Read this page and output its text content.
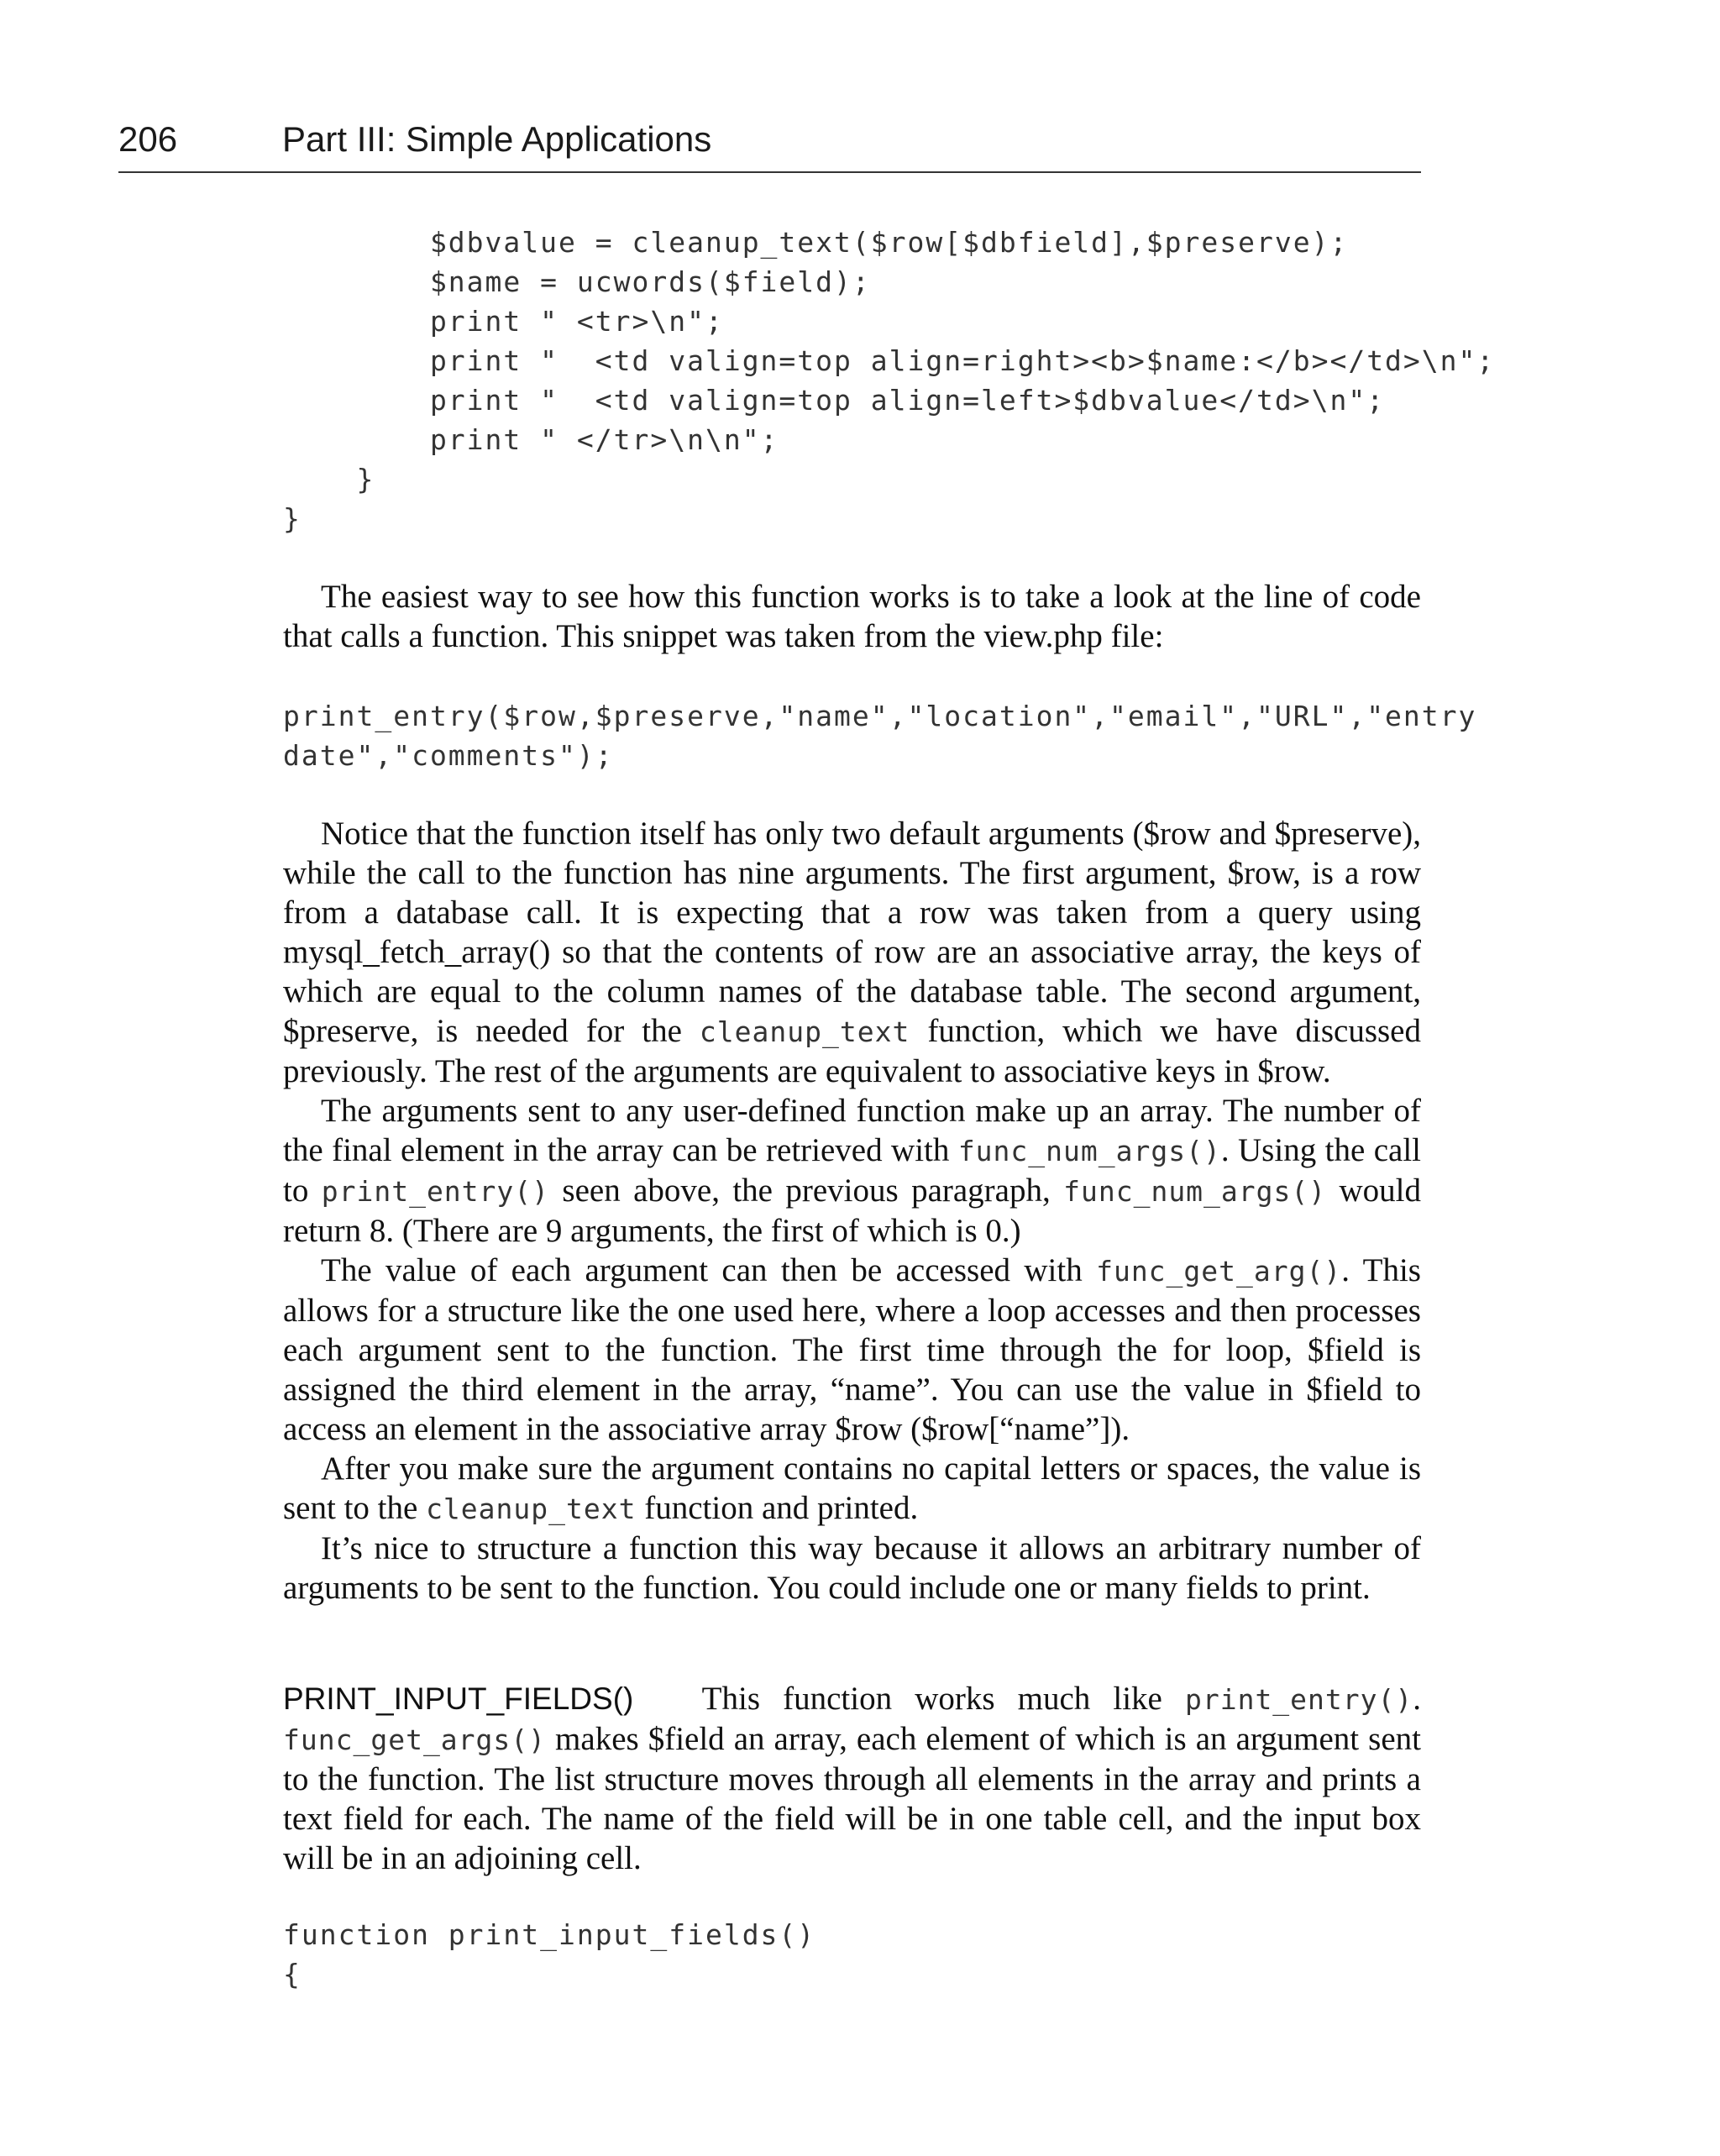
206	Part III: Simple Applications
$dbvalue = cleanup_text($row[$dbfield],$preserve);
$name = ucwords($field);
print " <tr>\n";
print "  <td valign=top align=right><b>$name:</b></td>\n";
print "  <td valign=top align=left>$dbvalue</td>\n";
print " </tr>\n\n";
}
}

The easiest way to see how this function works is to take a look at the line of code that calls a function. This snippet was taken from the view.php file:

print_entry($row,$preserve,"name","location","email","URL","entry
date","comments");

Notice that the function itself has only two default arguments ($row and $preserve), while the call to the function has nine arguments. The first argument, $row, is a row from a database call. It is expecting that a row was taken from a query using mysql_fetch_array() so that the contents of row are an associative array, the keys of which are equal to the column names of the database table. The second argument, $preserve, is needed for the cleanup_text function, which we have discussed previously. The rest of the arguments are equivalent to associative keys in $row.

The arguments sent to any user-defined function make up an array. The number of the final element in the array can be retrieved with func_num_args(). Using the call to print_entry() seen above, the previous paragraph, func_num_args() would return 8. (There are 9 arguments, the first of which is 0.)

The value of each argument can then be accessed with func_get_arg(). This allows for a structure like the one used here, where a loop accesses and then processes each argument sent to the function. The first time through the for loop, $field is assigned the third element in the array, “name”. You can use the value in $field to access an element in the associative array $row ($row[“name”]).

After you make sure the argument contains no capital letters or spaces, the value is sent to the cleanup_text function and printed.

It’s nice to structure a function this way because it allows an arbitrary number of arguments to be sent to the function. You could include one or many fields to print.

PRINT_INPUT_FIELDS() This function works much like print_entry(). func_get_args() makes $field an array, each element of which is an argument sent to the function. The list structure moves through all elements in the array and prints a text field for each. The name of the field will be in one table cell, and the input box will be in an adjoining cell.

function print_input_fields()
{
